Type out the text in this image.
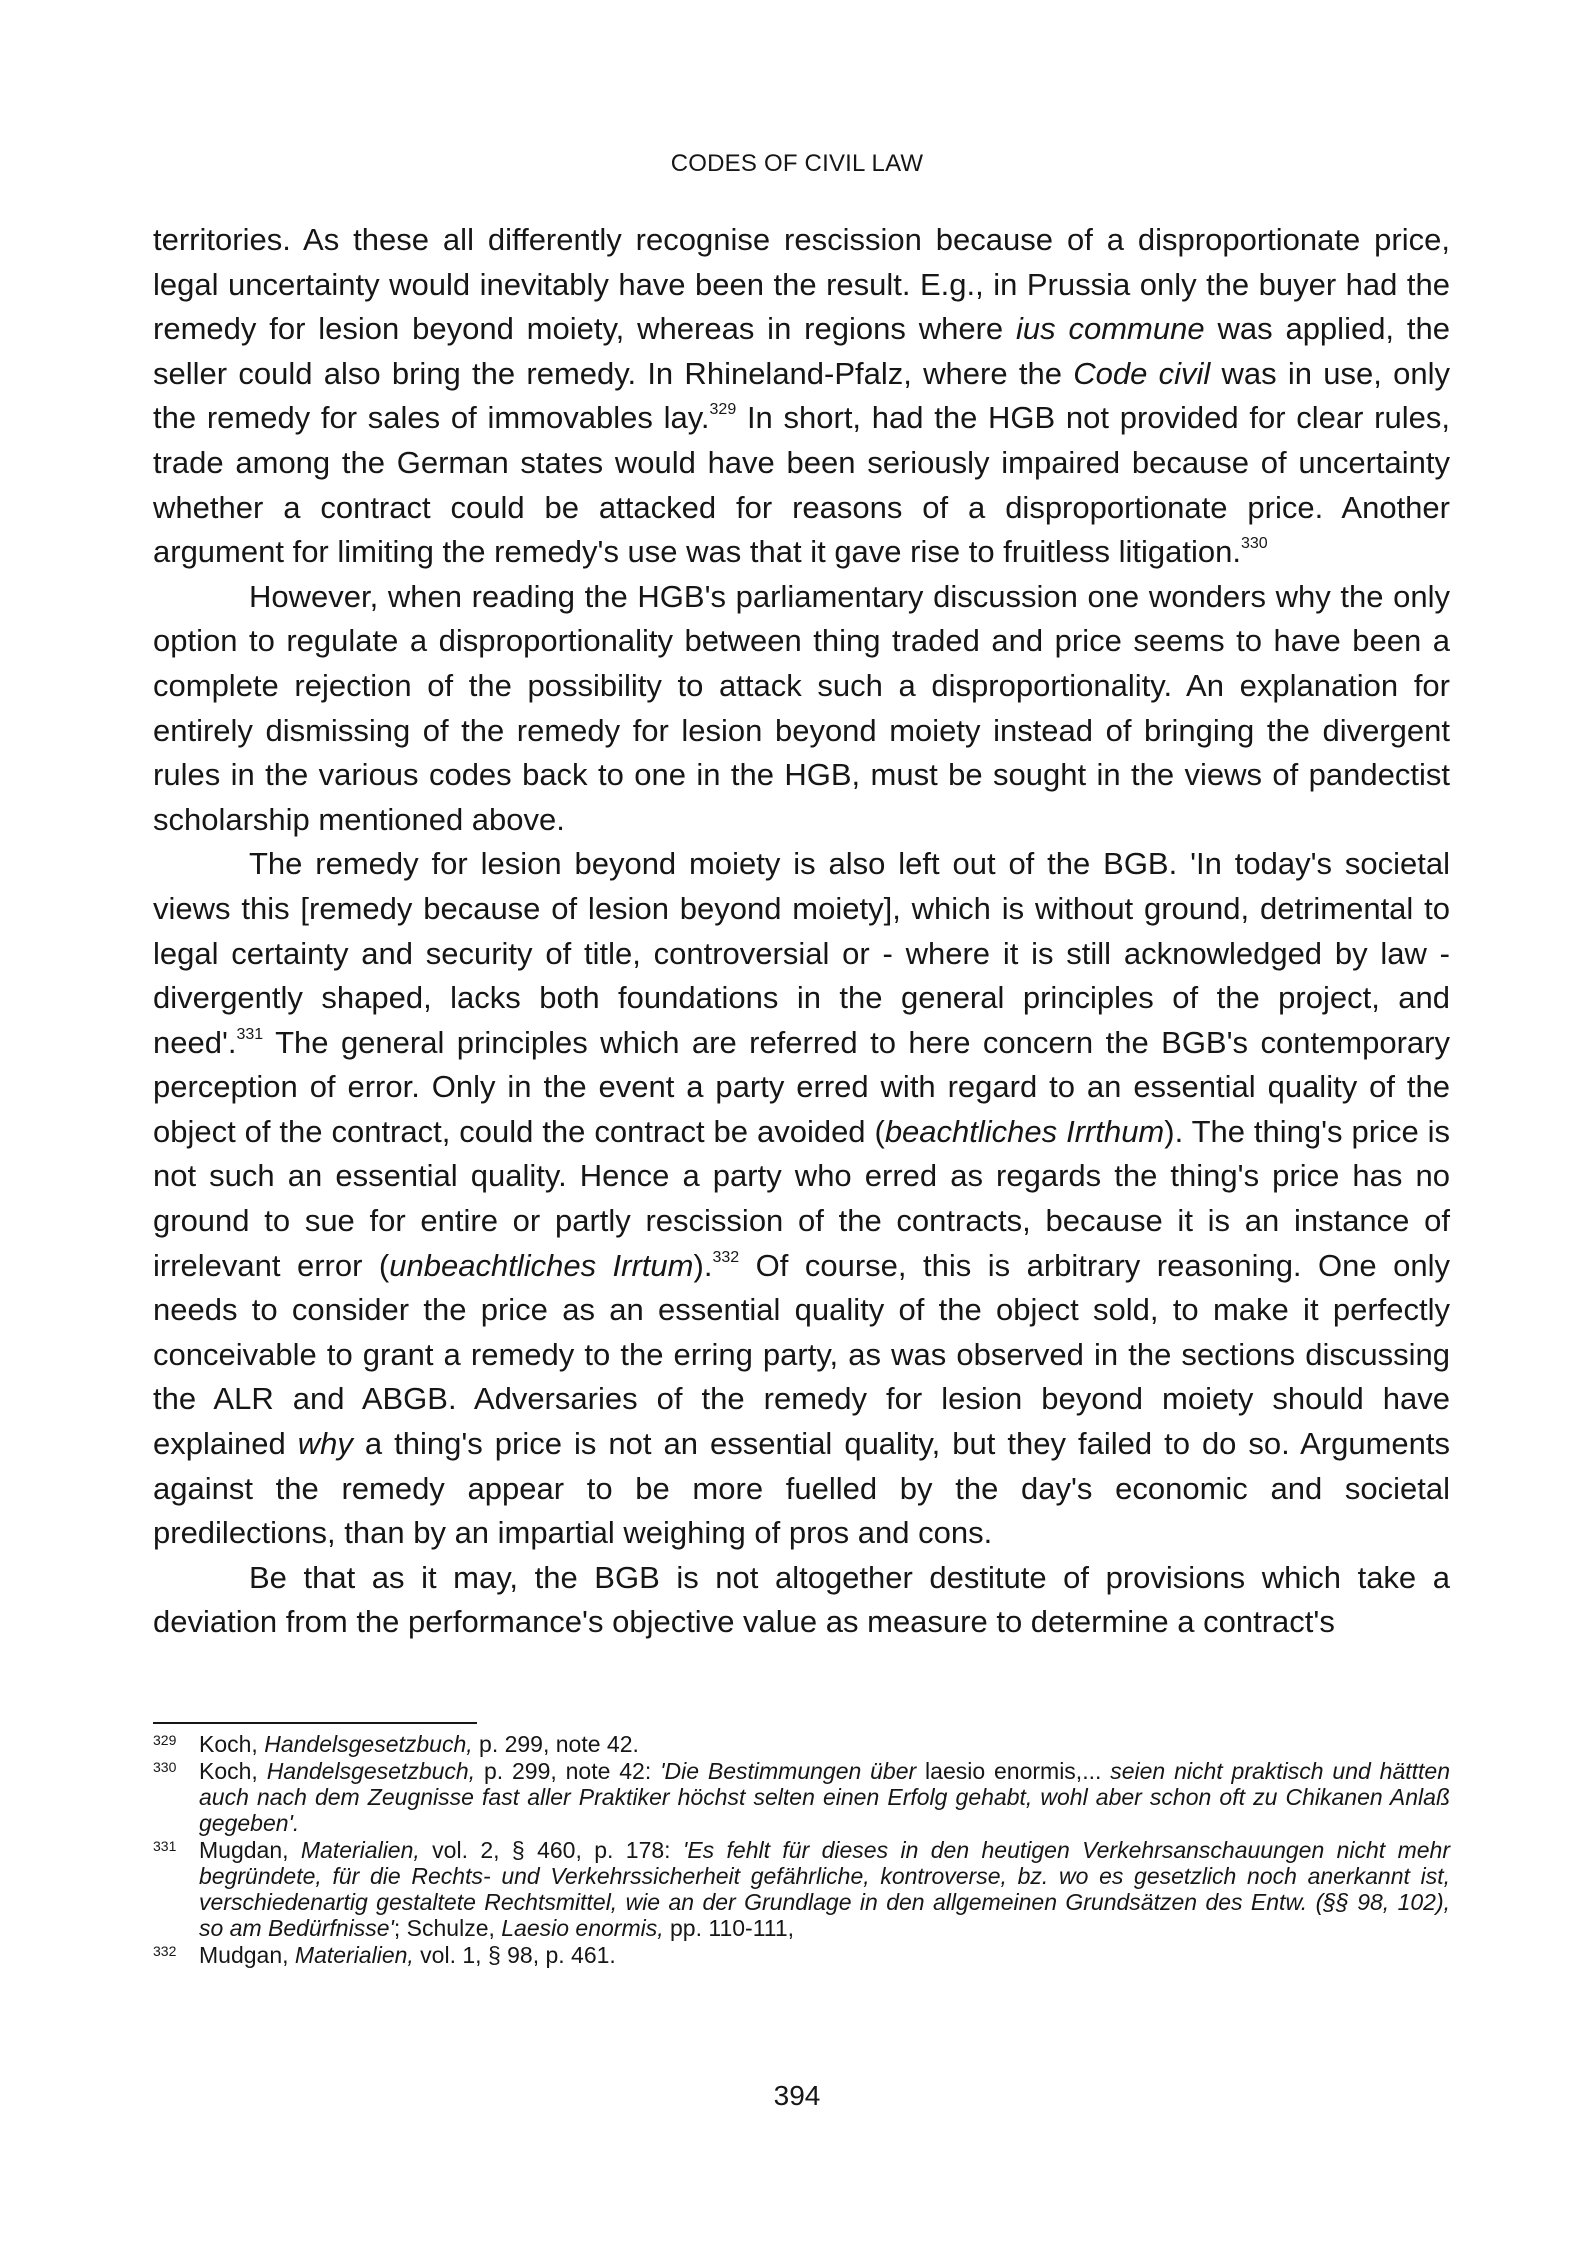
CODES OF CIVIL LAW

territories. As these all differently recognise rescission because of a disproportionate price, legal uncertainty would inevitably have been the result. E.g., in Prussia only the buyer had the remedy for lesion beyond moiety, whereas in regions where ius commune was applied, the seller could also bring the remedy. In Rhineland-Pfalz, where the Code civil was in use, only the remedy for sales of immovables lay.$^{329}$ In short, had the HGB not provided for clear rules, trade among the German states would have been seriously impaired because of uncertainty whether a contract could be attacked for reasons of a disproportionate price. Another argument for limiting the remedy's use was that it gave rise to fruitless litigation.$^{330}$

However, when reading the HGB's parliamentary discussion one wonders why the only option to regulate a disproportionality between thing traded and price seems to have been a complete rejection of the possibility to attack such a disproportionality. An explanation for entirely dismissing of the remedy for lesion beyond moiety instead of bringing the divergent rules in the various codes back to one in the HGB, must be sought in the views of pandectist scholarship mentioned above.

The remedy for lesion beyond moiety is also left out of the BGB. 'In today's societal views this [remedy because of lesion beyond moiety], which is without ground, detrimental to legal certainty and security of title, controversial or - where it is still acknowledged by law - divergently shaped, lacks both foundations in the general principles of the project, and need'.$^{331}$ The general principles which are referred to here concern the BGB's contemporary perception of error. Only in the event a party erred with regard to an essential quality of the object of the contract, could the contract be avoided (beachtliches Irrthum). The thing's price is not such an essential quality. Hence a party who erred as regards the thing's price has no ground to sue for entire or partly rescission of the contracts, because it is an instance of irrelevant error (unbeachtliches Irrtum).$^{332}$ Of course, this is arbitrary reasoning. One only needs to consider the price as an essential quality of the object sold, to make it perfectly conceivable to grant a remedy to the erring party, as was observed in the sections discussing the ALR and ABGB. Adversaries of the remedy for lesion beyond moiety should have explained why a thing's price is not an essential quality, but they failed to do so. Arguments against the remedy appear to be more fuelled by the day's economic and societal predilections, than by an impartial weighing of pros and cons.

Be that as it may, the BGB is not altogether destitute of provisions which take a deviation from the performance's objective value as measure to determine a contract's

329 Koch, Handelsgesetzbuch, p. 299, note 42.
330 Koch, Handelsgesetzbuch, p. 299, note 42: 'Die Bestimmungen über laesio enormis,... seien nicht praktisch und hättten auch nach dem Zeugnisse fast aller Praktiker höchst selten einen Erfolg gehabt, wohl aber schon oft zu Chikanen Anlaß gegeben'.
331 Mugdan, Materialien, vol. 2, § 460, p. 178: 'Es fehlt für dieses in den heutigen Verkehrsanschauungen nicht mehr begründete, für die Rechts- und Verkehrssicherheit gefährliche, kontroverse, bz. wo es gesetzlich noch anerkannt ist, verschiedenartig gestaltete Rechtsmittel, wie an der Grundlage in den allgemeinen Grundsätzen des Entw. (§§ 98, 102), so am Bedürfnisse'; Schulze, Laesio enormis, pp. 110-111,
332 Mudgan, Materialien, vol. 1, § 98, p. 461.
394
